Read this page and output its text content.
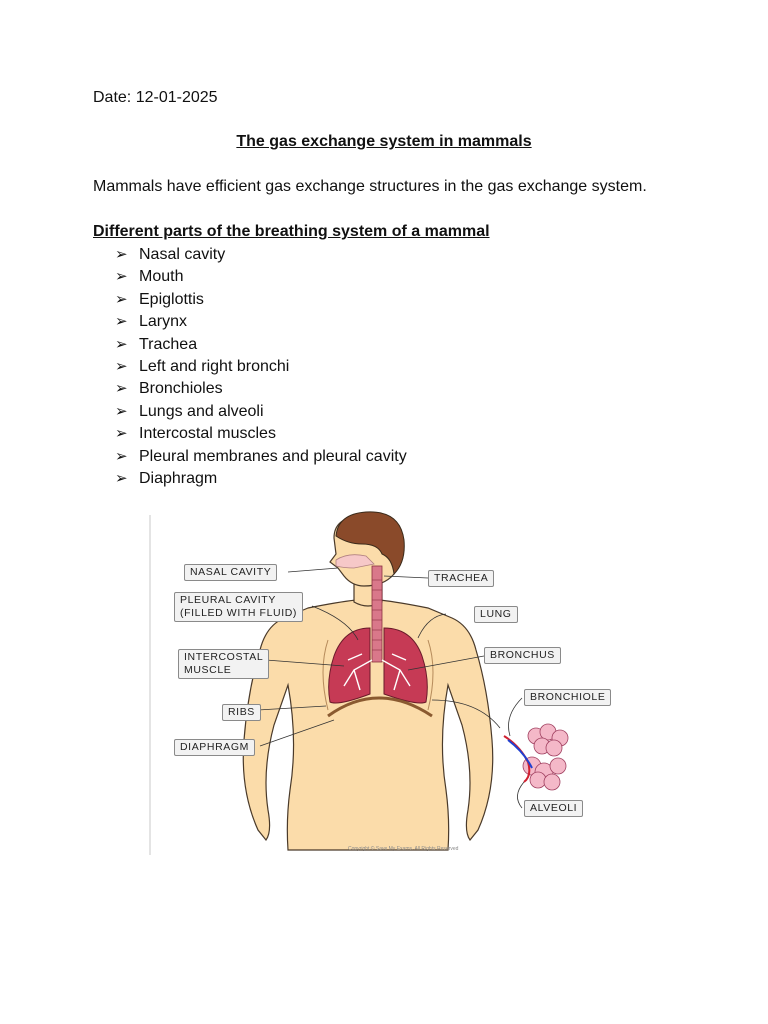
Date: 12-01-2025
The gas exchange system in mammals
Mammals have efficient gas exchange structures in the gas exchange system.
Different parts of the breathing system of a mammal
➢ Nasal cavity
➢ Mouth
➢ Epiglottis
➢ Larynx
➢ Trachea
➢ Left and right bronchi
➢ Bronchioles
➢ Lungs and alveoli
➢ Intercostal muscles
➢ Pleural membranes and pleural cavity
➢ Diaphragm
Copyright © Save My Exams. All Rights Reserved
NASAL CAVITY
PLEURAL CAVITY
(FILLED WITH FLUID)
INTERCOSTAL
MUSCLE
RIBS
DIAPHRAGM
TRACHEA
LUNG
BRONCHUS
BRONCHIOLE
ALVEOLI
